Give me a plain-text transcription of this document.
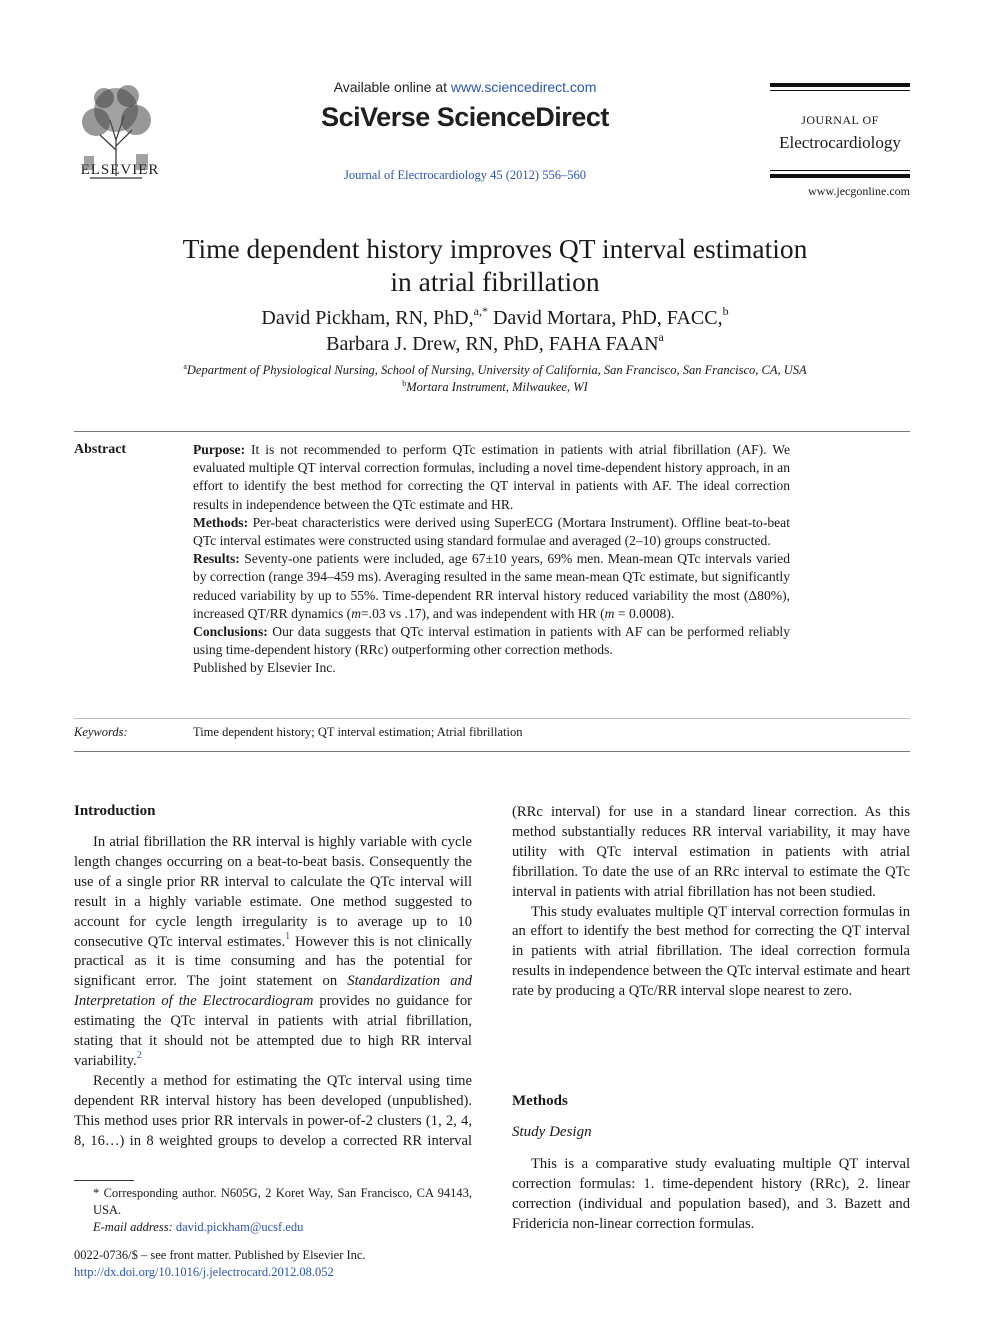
ELSEVIER
Available online at www.sciencedirect.com
SciVerse ScienceDirect
Journal of Electrocardiology 45 (2012) 556–560
JOURNAL OF
Electrocardiology
www.jecgonline.com
Time dependent history improves QT interval estimation
in atrial fibrillation
David Pickham, RN, PhD,$^{a,*}$ David Mortara, PhD, FACC,$^b$
Barbara J. Drew, RN, PhD, FAHA FAAN$^a$
$^a$Department of Physiological Nursing, School of Nursing, University of California, San Francisco, San Francisco, CA, USA
$^b$Mortara Instrument, Milwaukee, WI
Abstract	Purpose: It is not recommended to perform QTc estimation in patients with atrial fibrillation (AF). We evaluated multiple QT interval correction formulas, including a novel time-dependent history approach, in an effort to identify the best method for correcting the QT interval in patients with AF. The ideal correction results in independence between the QTc estimate and HR.

Methods: Per-beat characteristics were derived using SuperECG (Mortara Instrument). Offline beat-to-beat QTc interval estimates were constructed using standard formulae and averaged (2–10) groups constructed.

Results: Seventy-one patients were included, age 67±10 years, 69% men. Mean-mean QTc intervals varied by correction (range 394–459 ms). Averaging resulted in the same mean-mean QTc estimate, but significantly reduced variability by up to 55%. Time-dependent RR interval history reduced variability the most (Δ80%), increased QT/RR dynamics (m=.03 vs .17), and was independent with HR (m = 0.0008).

Conclusions: Our data suggests that QTc interval estimation in patients with AF can be performed reliably using time-dependent history (RRc) outperforming other correction methods.

Published by Elsevier Inc.

Keywords:	Time dependent history; QT interval estimation; Atrial fibrillation
Introduction

In atrial fibrillation the RR interval is highly variable with cycle length changes occurring on a beat-to-beat basis. Consequently the use of a single prior RR interval to calculate the QTc interval will result in a highly variable estimate. One method suggested to account for cycle length irregularity is to average up to 10 consecutive QTc interval estimates.$^1$ However this is not clinically practical as it is time consuming and has the potential for significant error. The joint statement on Standardization and Interpretation of the Electrocardiogram provides no guidance for estimating the QTc interval in patients with atrial fibrillation, stating that it should not be attempted due to high RR interval variability.$^2$

Recently a method for estimating the QTc interval using time dependent RR interval history has been developed (unpublished). This method uses prior RR intervals in power-of-2 clusters (1, 2, 4, 8, 16…) in 8 weighted groups to develop a corrected RR interval

(RRc interval) for use in a standard linear correction. As this method substantially reduces RR interval variability, it may have utility with QTc interval estimation in patients with atrial fibrillation. To date the use of an RRc interval to estimate the QTc interval in patients with atrial fibrillation has not been studied.

This study evaluates multiple QT interval correction formulas in an effort to identify the best method for correcting the QT interval in patients with atrial fibrillation. The ideal correction formula results in independence between the QTc interval estimate and heart rate by producing a QTc/RR interval slope nearest to zero.

Methods
Study Design

This is a comparative study evaluating multiple QT interval correction formulas: 1. time-dependent history (RRc), 2. linear correction (individual and population based), and 3. Bazett and Fridericia non-linear correction formulas.

* Corresponding author. N605G, 2 Koret Way, San Francisco, CA 94143, USA.

E-mail address: david.pickham@ucsf.edu

0022-0736/$ – see front matter. Published by Elsevier Inc.
http://dx.doi.org/10.1016/j.jelectrocard.2012.08.052
